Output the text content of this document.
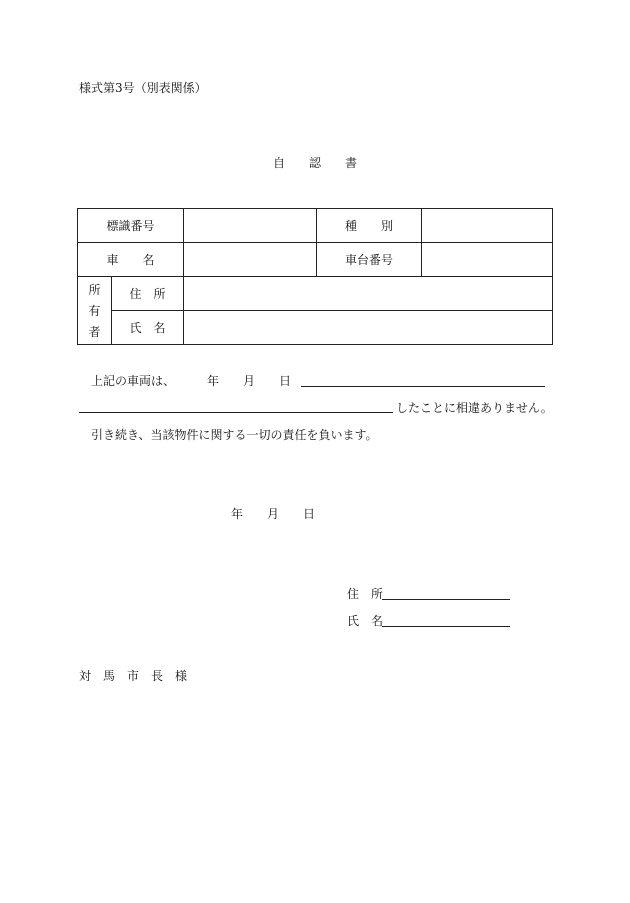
様式第3号（別表関係）
自　　認　　書
標識番号			種　　別	
車　　名			車台番号	

所
有
者	住　所			
	氏　名			
上記の車両は、	年　　月　　日
したことに相違ありません。
引き続き、当該物件に関する一切の責任を負います。
年　　月　　日
住　所
氏　名
対　馬　市　長　様
